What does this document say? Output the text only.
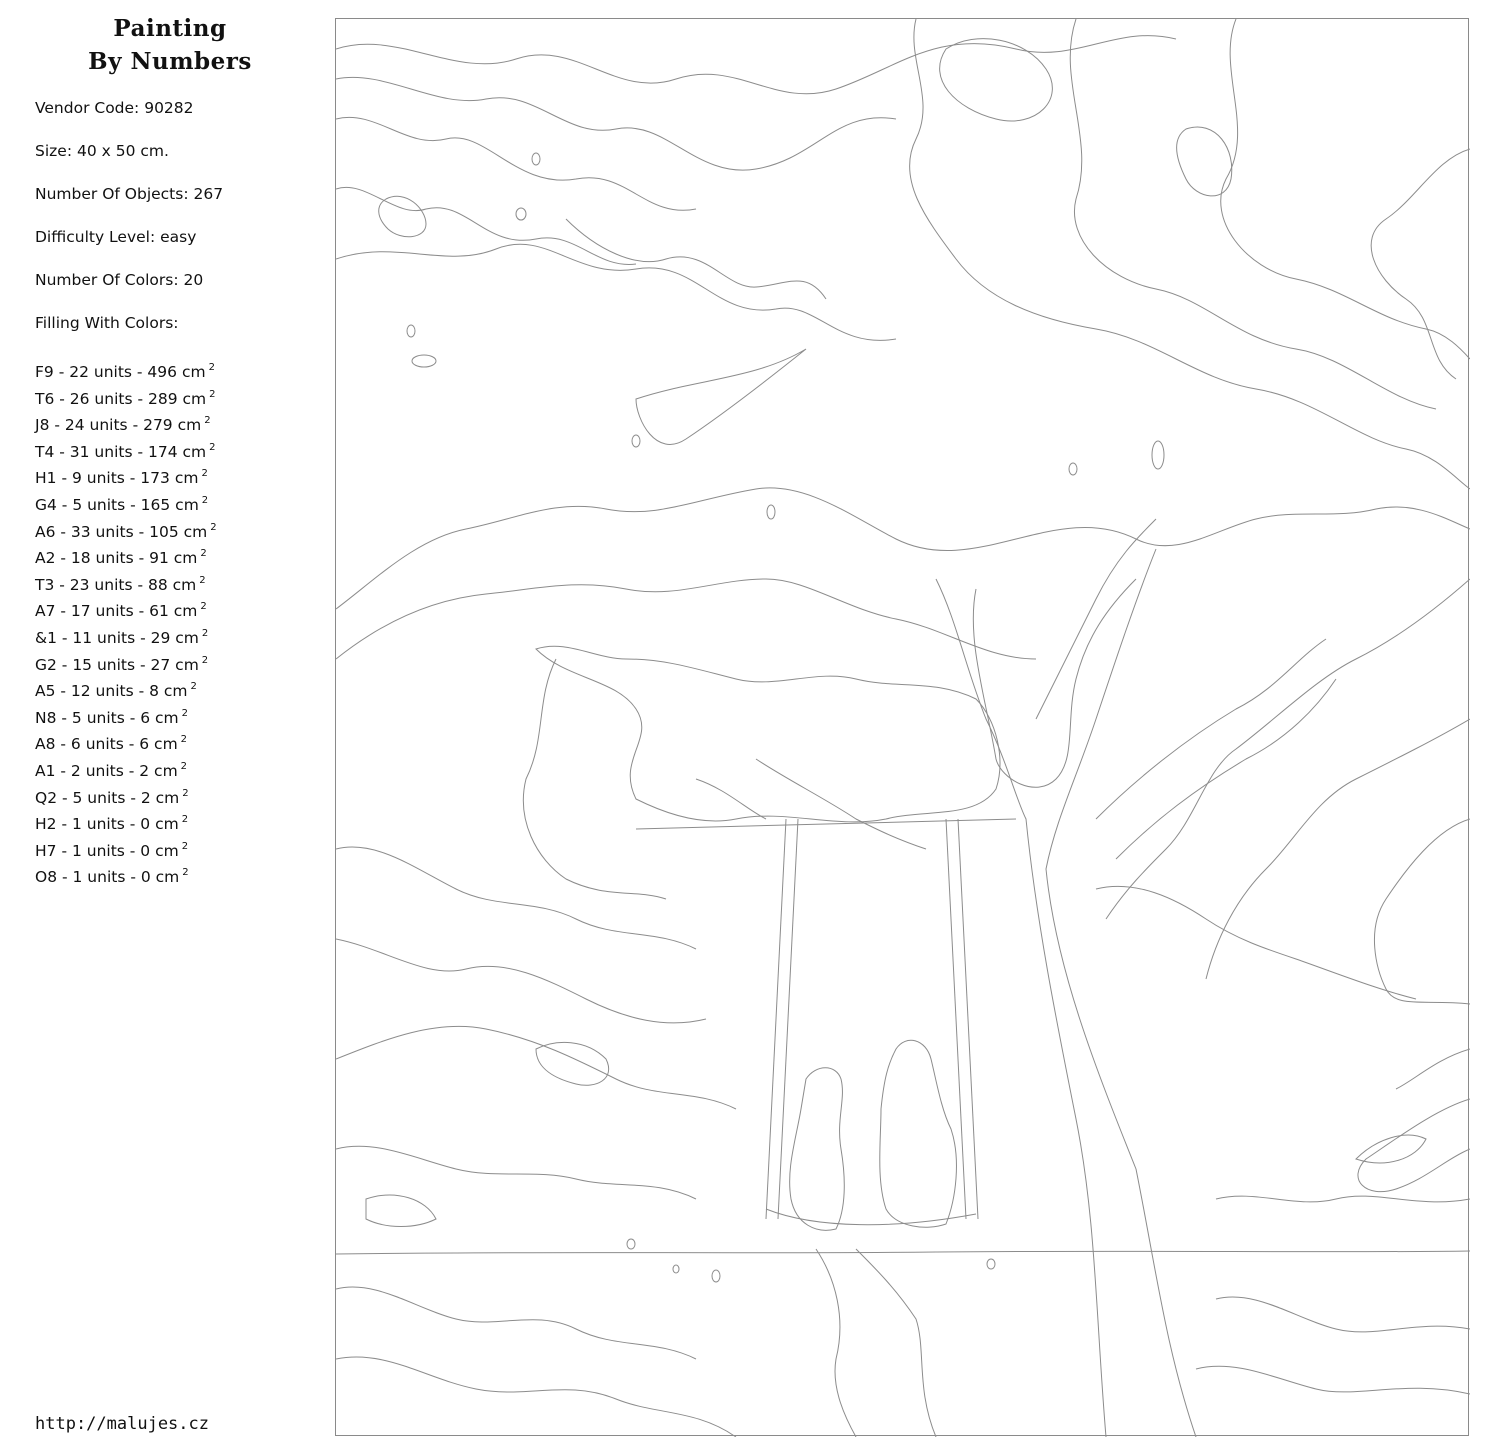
Painting
By Numbers
Vendor Code: 90282
Size: 40 x 50 cm.
Number Of Objects: 267
Difficulty Level: easy
Number Of Colors: 20
Filling With Colors:
F9 - 22 units - 496 cm $^2$
T6 - 26 units - 289 cm $^2$
J8 - 24 units - 279 cm $^2$
T4 - 31 units - 174 cm $^2$
H1 - 9 units - 173 cm $^2$
G4 - 5 units - 165 cm $^2$
A6 - 33 units - 105 cm $^2$
A2 - 18 units - 91 cm $^2$
T3 - 23 units - 88 cm $^2$
A7 - 17 units - 61 cm $^2$
&1 - 11 units - 29 cm $^2$
G2 - 15 units - 27 cm $^2$
A5 - 12 units - 8 cm $^2$
N8 - 5 units - 6 cm $^2$
A8 - 6 units - 6 cm $^2$
A1 - 2 units - 2 cm $^2$
Q2 - 5 units - 2 cm $^2$
H2 - 1 units - 0 cm $^2$
H7 - 1 units - 0 cm $^2$
O8 - 1 units - 0 cm $^2$
http://malujes.cz
